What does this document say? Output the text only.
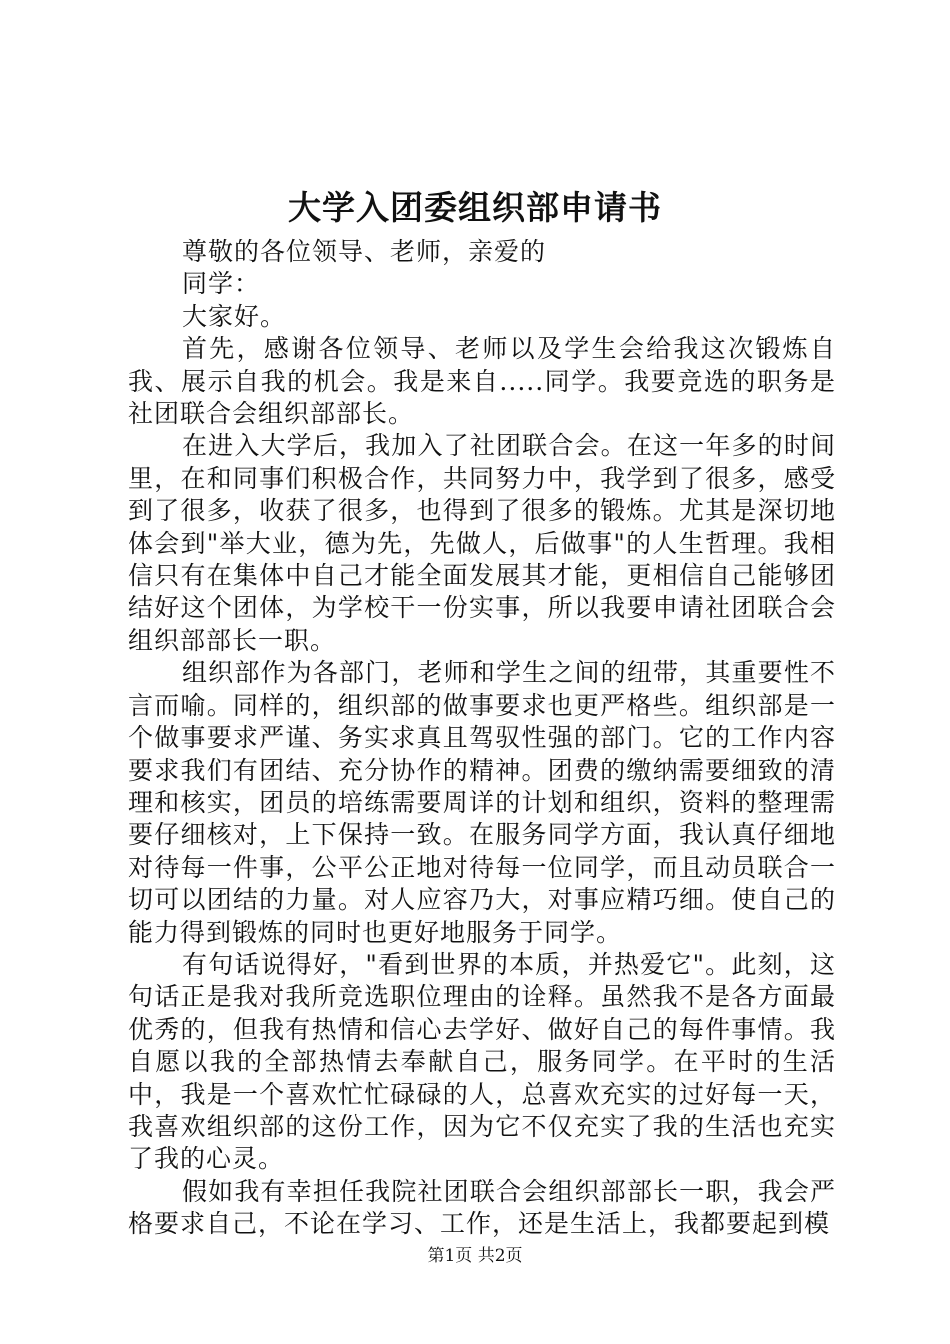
大学入团委组织部申请书

尊敬的各位领导、老师，亲爱的

同学：

大家好。

首先，感谢各位领导、老师以及学生会给我这次锻炼自我、展示自我的机会。我是来自.....同学。我要竞选的职务是社团联合会组织部部长。

在进入大学后，我加入了社团联合会。在这一年多的时间里，在和同事们积极合作，共同努力中，我学到了很多，感受到了很多，收获了很多，也得到了很多的锻炼。尤其是深切地体会到"举大业，德为先，先做人，后做事"的人生哲理。我相信只有在集体中自己才能全面发展其才能，更相信自己能够团结好这个团体，为学校干一份实事，所以我要申请社团联合会组织部部长一职。

组织部作为各部门，老师和学生之间的纽带，其重要性不言而喻。同样的，组织部的做事要求也更严格些。组织部是一个做事要求严谨、务实求真且驾驭性强的部门。它的工作内容要求我们有团结、充分协作的精神。团费的缴纳需要细致的清理和核实，团员的培练需要周详的计划和组织，资料的整理需要仔细核对，上下保持一致。在服务同学方面，我认真仔细地对待每一件事，公平公正地对待每一位同学，而且动员联合一切可以团结的力量。对人应容乃大，对事应精巧细。使自己的能力得到锻炼的同时也更好地服务于同学。

有句话说得好，"看到世界的本质，并热爱它"。此刻，这句话正是我对我所竞选职位理由的诠释。虽然我不是各方面最优秀的，但我有热情和信心去学好、做好自己的每件事情。我自愿以我的全部热情去奉献自己，服务同学。在平时的生活中，我是一个喜欢忙忙碌碌的人，总喜欢充实的过好每一天，我喜欢组织部的这份工作，因为它不仅充实了我的生活也充实了我的心灵。

假如我有幸担任我院社团联合会组织部部长一职，我会严格要求自己，不论在学习、工作，还是生活上，我都要起到模

第1页 共2页
